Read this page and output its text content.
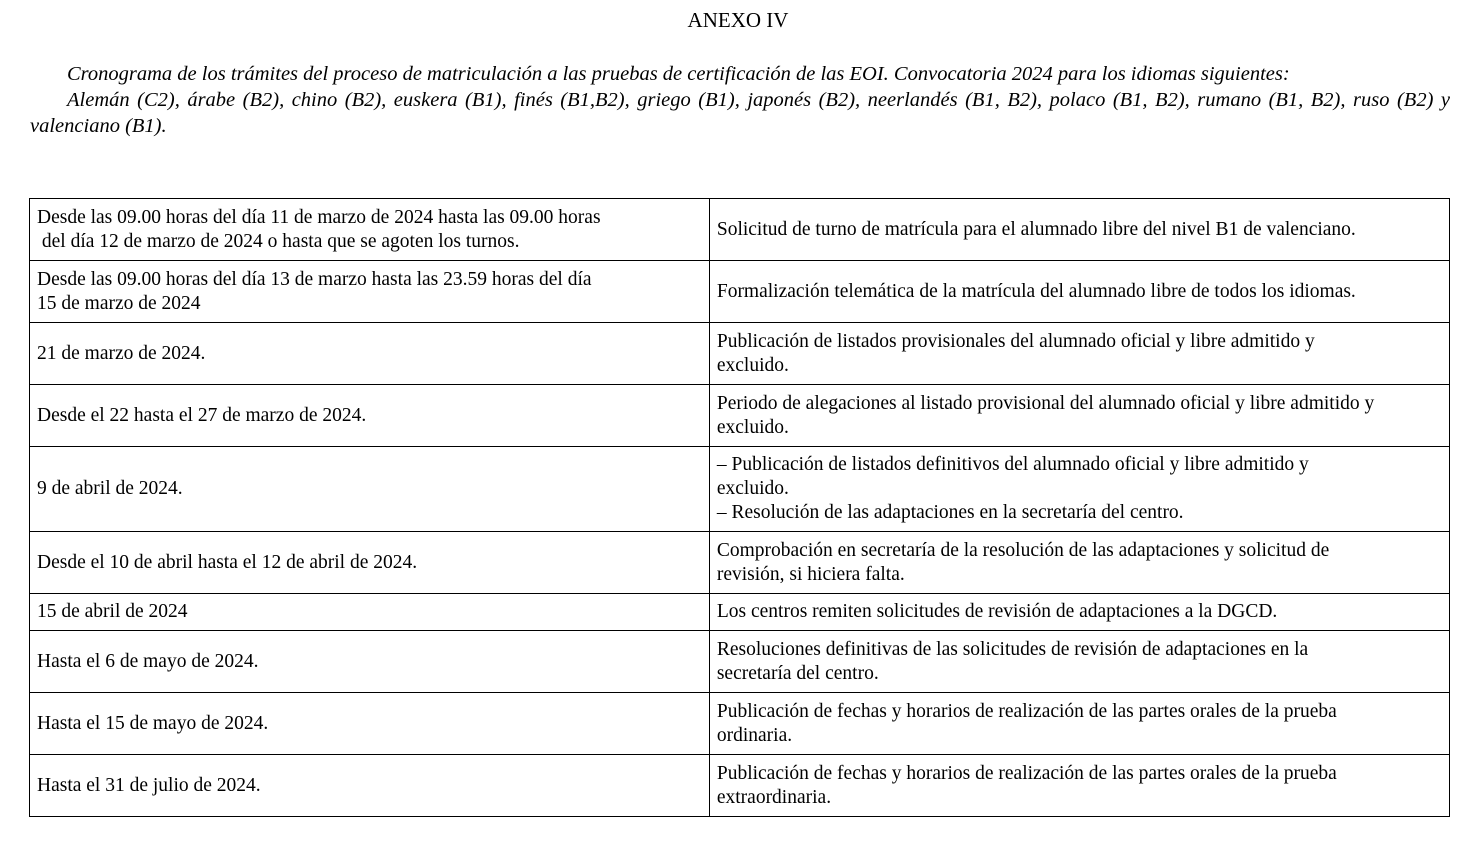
ANEXO IV

Cronograma de los trámites del proceso de matriculación a las pruebas de certificación de las EOI. Convocatoria 2024 para los idiomas siguientes:

Alemán (C2), árabe (B2), chino (B2), euskera (B1), finés (B1,B2), griego (B1), japonés (B2), neerlandés (B1, B2), polaco (B1, B2), rumano (B1, B2), ruso (B2) y valenciano (B1).

Desde las 09.00 horas del día 11 de marzo de 2024 hasta las 09.00 horas
del día 12 de marzo de 2024 o hasta que se agoten los turnos.	Solicitud de turno de matrícula para el alumnado libre del nivel B1 de valenciano.

Desde las 09.00 horas del día 13 de marzo hasta las 23.59 horas del día
15 de marzo de 2024	Formalización telemática de la matrícula del alumnado libre de todos los idiomas.

21 de marzo de 2024.	Publicación de listados provisionales del alumnado oficial y libre admitido y
excluido.

Desde el 22 hasta el 27 de marzo de 2024.	Periodo de alegaciones al listado provisional del alumnado oficial y libre admitido y
excluido.

9 de abril de 2024.	– Publicación de listados definitivos del alumnado oficial y libre admitido y
excluido.
– Resolución de las adaptaciones en la secretaría del centro.

Desde el 10 de abril hasta el 12 de abril de 2024.	Comprobación en secretaría de la resolución de las adaptaciones y solicitud de
revisión, si hiciera falta.

15 de abril de 2024	Los centros remiten solicitudes de revisión de adaptaciones a la DGCD.

Hasta el 6 de mayo de 2024.	Resoluciones definitivas de las solicitudes de revisión de adaptaciones en la
secretaría del centro.

Hasta el 15 de mayo de 2024.	Publicación de fechas y horarios de realización de las partes orales de la prueba
ordinaria.

Hasta el 31 de julio de 2024.	Publicación de fechas y horarios de realización de las partes orales de la prueba
extraordinaria.
